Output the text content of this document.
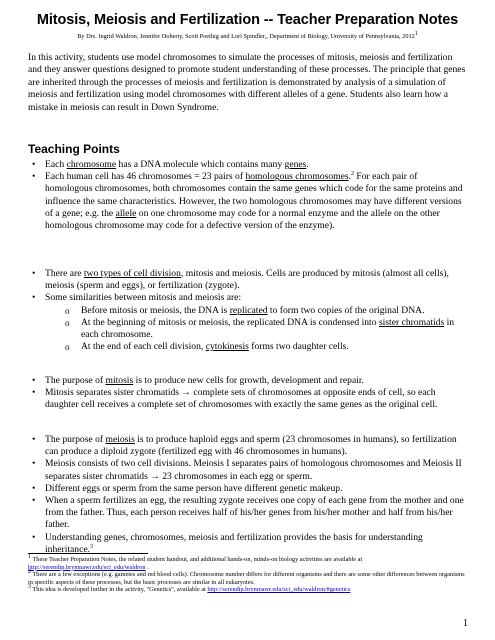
Mitosis, Meiosis and Fertilization -- Teacher Preparation Notes
By Drs. Ingrid Waldron, Jennifer Doherty, Scott Poethig and Lori Spindler,, Department of Biology, University of Pennsylvania, 2012$^1$

In this activity, students use model chromosomes to simulate the processes of mitosis, meiosis and fertilization and they answer questions designed to promote student understanding of these processes. The principle that genes are inherited through the processes of meiosis and fertilization is demonstrated by analysis of a simulation of meiosis and fertilization using model chromosomes with different alleles of a gene. Students also learn how a mistake in meiosis can result in Down Syndrome.

Teaching Points
• Each chromosome has a DNA molecule which contains many genes.
• Each human cell has 46 chromosomes = 23 pairs of homologous chromosomes.$^2$ For each pair of homologous chromosomes, both chromosomes contain the same genes which code for the same proteins and influence the same characteristics. However, the two homologous chromosomes may have different versions of a gene; e.g. the allele on one chromosome may code for a normal enzyme and the allele on the other homologous chromosome may code for a defective version of the enzyme).
• There are two types of cell division, mitosis and meiosis. Cells are produced by mitosis (almost all cells), meiosis (sperm and eggs), or fertilization (zygote).
• Some similarities between mitosis and meiosis are:
o Before mitosis or meiosis, the DNA is replicated to form two copies of the original DNA.
o At the beginning of mitosis or meiosis, the replicated DNA is condensed into sister chromatids in each chromosome.
o At the end of each cell division, cytokinesis forms two daughter cells.
• The purpose of mitosis is to produce new cells for growth, development and repair.
• Mitosis separates sister chromatids → complete sets of chromosomes at opposite ends of cell, so each daughter cell receives a complete set of chromosomes with exactly the same genes as the original cell.
• The purpose of meiosis is to produce haploid eggs and sperm (23 chromosomes in humans), so fertilization can produce a diploid zygote (fertilized egg with 46 chromosomes in humans).
• Meiosis consists of two cell divisions. Meiosis I separates pairs of homologous chromosomes and Meiosis II separates sister chromatids → 23 chromosomes in each egg or sperm.
• Different eggs or sperm from the same person have different genetic makeup.
• When a sperm fertilizes an egg, the resulting zygote receives one copy of each gene from the mother and one from the father. Thus, each person receives half of his/her genes from his/her mother and half from his/her father.
• Understanding genes, chromosomes, meiosis and fertilization provides the basis for understanding inheritance.$^3$

$^1$ These Teacher Preparation Notes, the related student handout, and additional hands-on, minds-on biology activities are available at http://serendip.brynmawr.edu/sci_edu/waldron .

$^2$ There are a few exceptions (e.g. gametes and red blood cells). Chromosome number differs for different organisms and there are some other differences between organisms in specific aspects of these processes, but the basic processes are similar in all eukaryotes.

$^3$ This idea is developed further in the activity, "Genetics", available at http://serendip.brynmawr.edu/sci_edu/waldron/#genetics

1
